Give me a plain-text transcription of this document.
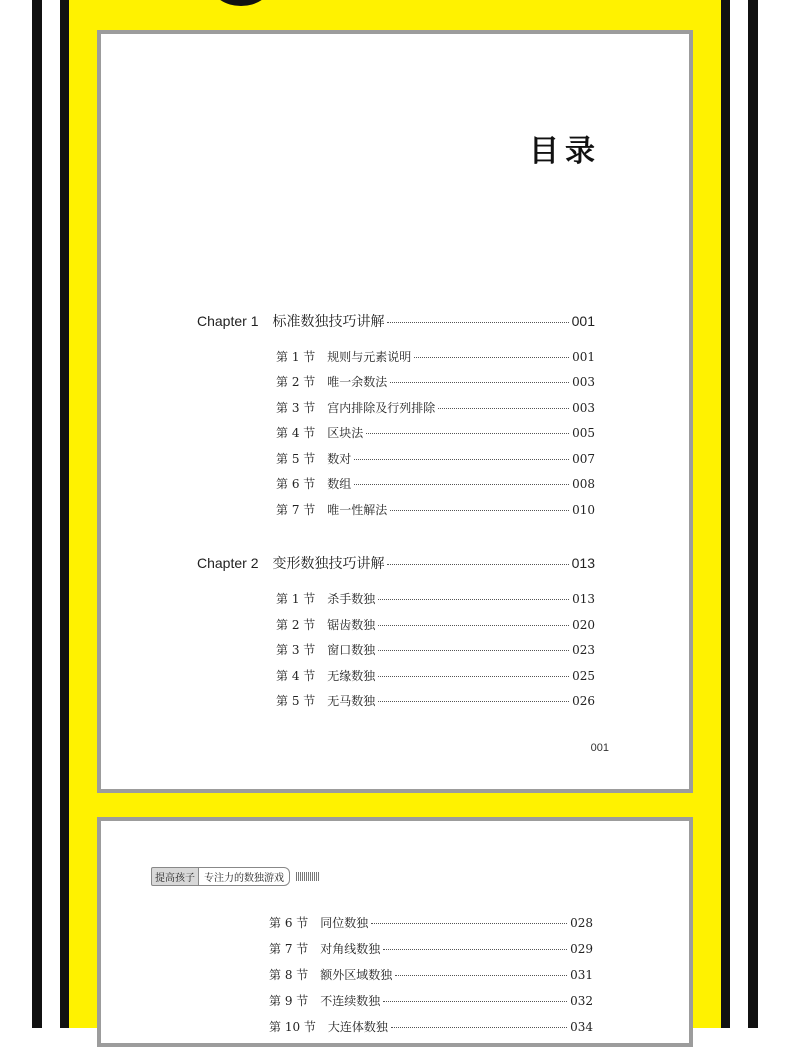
目录
Chapter 1 标准数独技巧讲解	001
第 1 节 规则与元素说明	001
第 2 节 唯一余数法	003
第 3 节 宫内排除及行列排除	003
第 4 节 区块法	005
第 5 节 数对	007
第 6 节 数组	008
第 7 节 唯一性解法	010
Chapter 2 变形数独技巧讲解	013
第 1 节 杀手数独	013
第 2 节 锯齿数独	020
第 3 节 窗口数独	023
第 4 节 无缘数独	025
第 5 节 无马数独	026
001
提高孩子 专注力的数独游戏
第 6 节 同位数独	028
第 7 节 对角线数独	029
第 8 节 额外区域数独	031
第 9 节 不连续数独	032
第 10 节 大连体数独	034
